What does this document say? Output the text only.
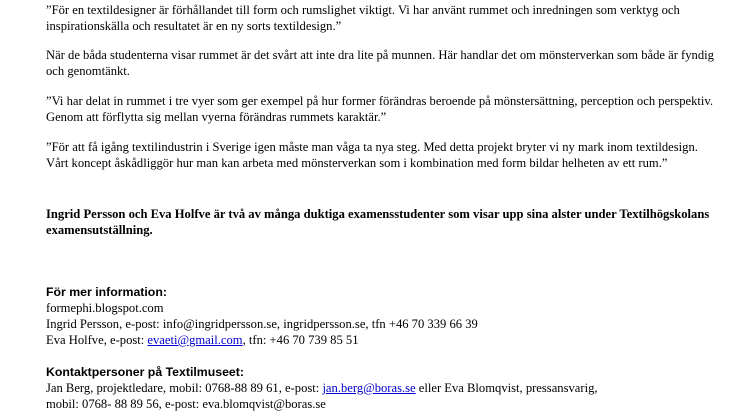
”För en textildesigner är förhållandet till form och rumslighet viktigt. Vi har använt rummet och inredningen som verktyg och inspirationskälla och resultatet är en ny sorts textildesign.”

När de båda studenterna visar rummet är det svårt att inte dra lite på munnen. Här handlar det om mönsterverkan som både är fyndig och genomtänkt.

”Vi har delat in rummet i tre vyer som ger exempel på hur former förändras beroende på mönstersättning, perception och perspektiv. Genom att förflytta sig mellan vyerna förändras rummets karaktär.”

”För att få igång textilindustrin i Sverige igen måste man våga ta nya steg. Med detta projekt bryter vi ny mark inom textildesign. Vårt koncept åskådliggör hur man kan arbeta med mönsterverkan som i kombination med form bildar helheten av ett rum.”

Ingrid Persson och Eva Holfve är två av många duktiga examensstudenter som visar upp sina alster under Textilhögskolans examensutställning.

För mer information:
formephi.blogspot.com
Ingrid Persson, e-post: info@ingridpersson.se, ingridpersson.se, tfn +46 70 339 66 39
Eva Holfve, e-post: evaeti@gmail.com, tfn: +46 70 739 85 51
Kontaktpersoner på Textilmuseet:
Jan Berg, projektledare, mobil: 0768-88 89 61, e-post: jan.berg@boras.se eller Eva Blomqvist, pressansvarig,
mobil: 0768- 88 89 56, e-post: eva.blomqvist@boras.se
